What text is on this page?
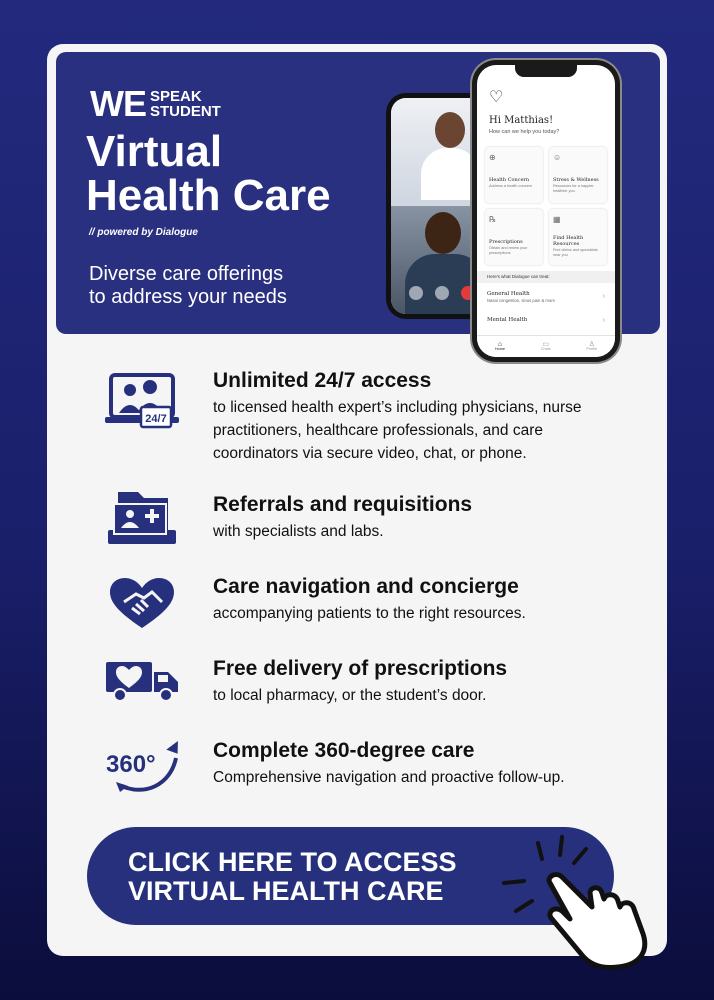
WE SPEAK
STUDENT
Virtual
Health Care
// powered by Dialogue
Diverse care offerings
to address your needs
♡
Hi Matthias!
How can we help you today?
⊕
Health Concern
Address a health concern
☺
Stress & Wellness
Resources for a happier, healthier you
℞
Prescriptions
Obtain and renew your prescriptions
▦
Find Health Resources
Find clinics and specialists near you
Here's what Dialogue can treat:
General Health
Nasal congestion, sinus pain & more
›
Mental Health	›
⌂
Home
▭
Chats
♙
Profile
24/7
Unlimited 24/7 access
to licensed health expert’s including physicians, nurse practitioners, healthcare professionals, and care coordinators via secure video, chat, or phone.
Referrals and requisitions
with specialists and labs.
Care navigation and concierge
accompanying patients to the right resources.
Free delivery of prescriptions
to local pharmacy, or the student’s door.
360°
Complete 360-degree care
Comprehensive navigation and proactive follow-up.
CLICK HERE TO ACCESS
VIRTUAL HEALTH CARE
